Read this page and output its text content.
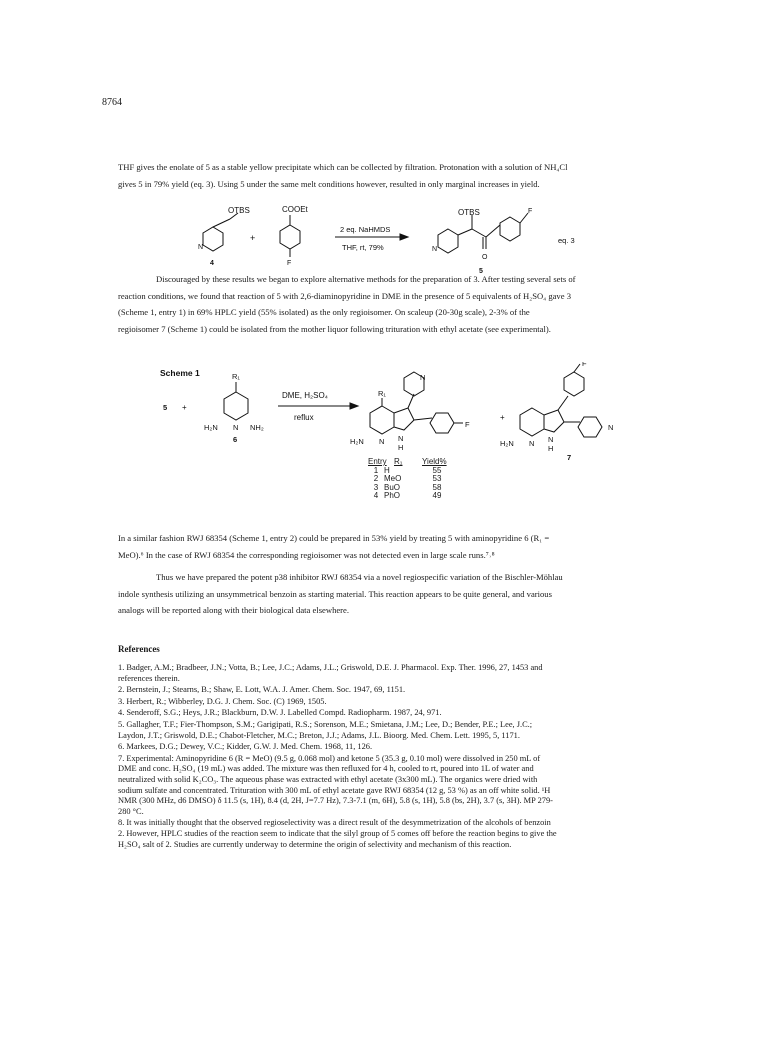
8764
THF gives the enolate of 5 as a stable yellow precipitate which can be collected by filtration. Protonation with a solution of NH₄Cl
gives 5 in 79% yield (eq. 3). Using 5 under the same melt conditions however, resulted in only marginal increases in yield.
OTBS
N
4
+
COOEt
F
2 eq. NaHMDS
THF, rt, 79%
OTBS	F
O
N
5
eq. 3
Discouraged by these results we began to explore alternative methods for the preparation of 3. After testing several sets of
reaction conditions, we found that reaction of 5 with 2,6-diaminopyridine in DME in the presence of 5 equivalents of H₂SO₄ gave 3
(Scheme 1, entry 1) in 69% HPLC yield (55% isolated) as the only regioisomer. On scaleup (20-30g scale), 2-3% of the
regioisomer 7 (Scheme 1) could be isolated from the mother liquor following trituration with ethyl acetate (see experimental).
Scheme 1
5 +
R₁
H₂N N NH₂
6
DME, H₂SO₄
reflux
R₁
N
H₂N N N
H
F
+
F
H₂N N N
H
N
7
Entry R₁	Yield%
1 H	55
2 MeO	53
3 BuO	58
4 PhO	49
In a similar fashion RWJ 68354 (Scheme 1, entry 2) could be prepared in 53% yield by treating 5 with aminopyridine 6 (R₁ =
MeO).⁶ In the case of RWJ 68354 the corresponding regioisomer was not detected even in large scale runs.⁷˒⁸
Thus we have prepared the potent p38 inhibitor RWJ 68354 via a novel regiospecific variation of the Bischler-Möhlau
indole synthesis utilizing an unsymmetrical benzoin as starting material. This reaction appears to be quite general, and various
analogs will be reported along with their biological data elsewhere.
References
1. Badger, A.M.; Bradbeer, J.N.; Votta, B.; Lee, J.C.; Adams, J.L.; Griswold, D.E. J. Pharmacol. Exp. Ther. 1996, 27, 1453 and
references therein.
2. Bernstein, J.; Stearns, B.; Shaw, E. Lott, W.A. J. Amer. Chem. Soc. 1947, 69, 1151.
3. Herbert, R.; Wibberley, D.G. J. Chem. Soc. (C) 1969, 1505.
4. Senderoff, S.G.; Heys, J.R.; Blackburn, D.W. J. Labelled Compd. Radiopharm. 1987, 24, 971.
5. Gallagher, T.F.; Fier-Thompson, S.M.; Garigipati, R.S.; Sorenson, M.E.; Smietana, J.M.; Lee, D.; Bender, P.E.; Lee, J.C.;
Laydon, J.T.; Griswold, D.E.; Chabot-Fletcher, M.C.; Breton, J.J.; Adams, J.L. Bioorg. Med. Chem. Lett. 1995, 5, 1171.
6. Markees, D.G.; Dewey, V.C.; Kidder, G.W. J. Med. Chem. 1968, 11, 126.
7. Experimental: Aminopyridine 6 (R = MeO) (9.5 g, 0.068 mol) and ketone 5 (35.3 g, 0.10 mol) were dissolved in 250 mL of
DME and conc. H₂SO₄ (19 mL) was added. The mixture was then refluxed for 4 h, cooled to rt, poured into 1L of water and
neutralized with solid K₂CO₃. The aqueous phase was extracted with ethyl acetate (3x300 mL). The organics were dried with
sodium sulfate and concentrated. Trituration with 300 mL of ethyl acetate gave RWJ 68354 (12 g, 53 %) as an off white solid. ¹H
NMR (300 MHz, d6 DMSO) δ 11.5 (s, 1H), 8.4 (d, 2H, J=7.7 Hz), 7.3-7.1 (m, 6H), 5.8 (s, 1H), 5.8 (bs, 2H), 3.7 (s, 3H). MP 279-
280 °C.
8. It was initially thought that the observed regioselectivity was a direct result of the desymmetrization of the alcohols of benzoin
2. However, HPLC studies of the reaction seem to indicate that the silyl group of 5 comes off before the reaction begins to give the
H₂SO₄ salt of 2. Studies are currently underway to determine the origin of selectivity and mechanism of this reaction.
